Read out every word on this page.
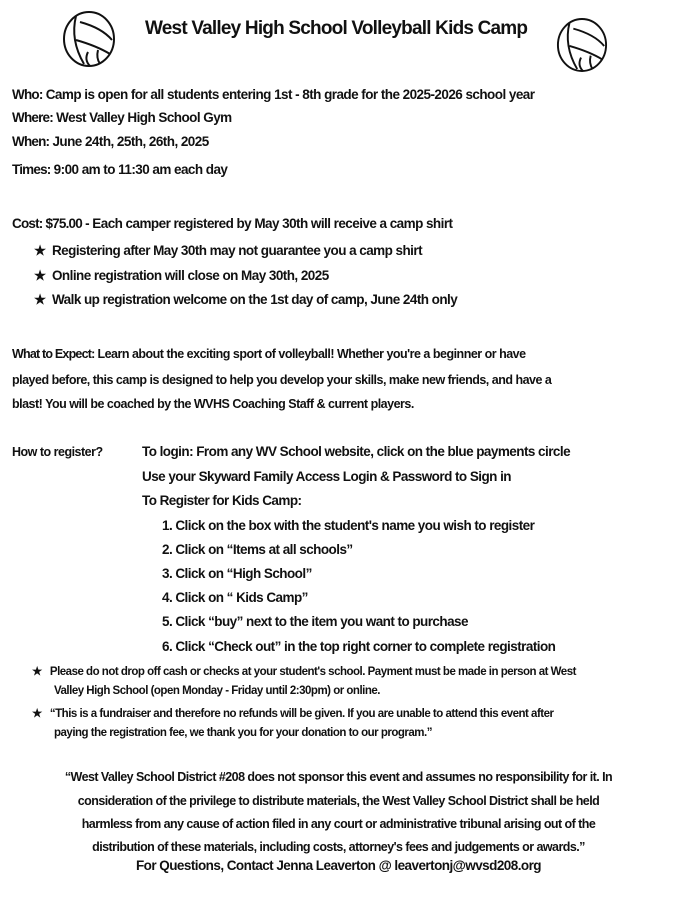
West Valley High School Volleyball Kids Camp
Who: Camp is open for all students entering 1st - 8th grade for the 2025-2026 school year
Where: West Valley High School Gym
When: June 24th, 25th, 26th, 2025
Times: 9:00 am to 11:30 am each day
Cost: $75.00 - Each camper registered by May 30th will receive a camp shirt
★  Registering after May 30th may not guarantee you a camp shirt
★  Online registration will close on May 30th, 2025
★  Walk up registration welcome on the 1st day of camp, June 24th only
What to Expect: Learn about the exciting sport of volleyball! Whether you're a beginner or have
played before, this camp is designed to help you develop your skills, make new friends, and have a
blast! You will be coached by the WVHS Coaching Staff & current players.
How to register?	To login: From any WV School website, click on the blue payments circle
Use your Skyward Family Access Login & Password to Sign in
To Register for Kids Camp:
1. Click on the box with the student's name you wish to register
2. Click on “Items at all schools”
3. Click on “High School”
4. Click on “ Kids Camp”
5. Click “buy” next to the item you want to purchase
6. Click “Check out” in the top right corner to complete registration
★   Please do not drop off cash or checks at your student's school. Payment must be made in person at West
Valley High School (open Monday - Friday until 2:30pm) or online.
★   “This is a fundraiser and therefore no refunds will be given. If you are unable to attend this event after
paying the registration fee, we thank you for your donation to our program.”
“West Valley School District #208 does not sponsor this event and assumes no responsibility for it. In
consideration of the privilege to distribute materials, the West Valley School District shall be held
harmless from any cause of action filed in any court or administrative tribunal arising out of the
distribution of these materials, including costs, attorney's fees and judgements or awards.”
For Questions, Contact Jenna Leaverton @ leavertonj@wvsd208.org
